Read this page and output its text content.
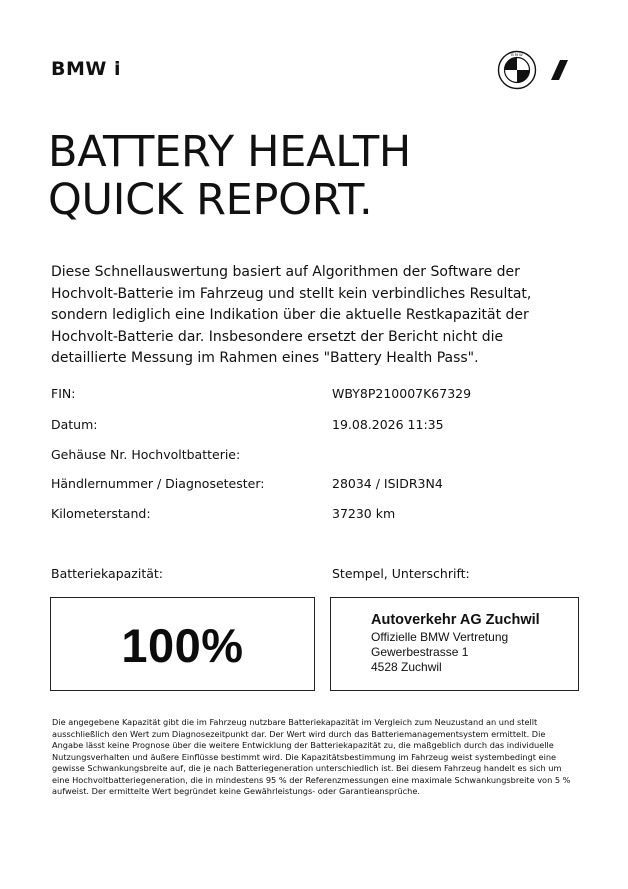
BMW i
B M W
BATTERY HEALTH
QUICK REPORT.

Diese Schnellauswertung basiert auf Algorithmen der Software der Hochvolt-Batterie im Fahrzeug und stellt kein verbindliches Resultat, sondern lediglich eine Indikation über die aktuelle Restkapazität der Hochvolt-Batterie dar. Insbesondere ersetzt der Bericht nicht die detaillierte Messung im Rahmen eines "Battery Health Pass".

FIN:	WBY8P210007K67329
Datum:	19.08.2026 11:35
Gehäuse Nr. Hochvoltbatterie:
Händlernummer / Diagnosetester:	28034 / ISIDR3N4
Kilometerstand:	37230 km
Batteriekapazität:	Stempel, Unterschrift:
100%	Autoverkehr AG Zuchwil
Offizielle BMW Vertretung
Gewerbestrasse 1
4528 Zuchwil

Die angegebene Kapazität gibt die im Fahrzeug nutzbare Batteriekapazität im Vergleich zum Neuzustand an und stellt ausschließlich den Wert zum Diagnosezeitpunkt dar. Der Wert wird durch das Batteriemanagementsystem ermittelt. Die Angabe lässt keine Prognose über die weitere Entwicklung der Batteriekapazität zu, die maßgeblich durch das individuelle Nutzungsverhalten und äußere Einflüsse bestimmt wird. Die Kapazitätsbestimmung im Fahrzeug weist systembedingt eine gewisse Schwankungsbreite auf, die je nach Batteriegeneration unterschiedlich ist. Bei diesem Fahrzeug handelt es sich um eine Hochvoltbatteriegeneration, die in mindestens 95 % der Referenzmessungen eine maximale Schwankungsbreite von 5 % aufweist. Der ermittelte Wert begründet keine Gewährleistungs- oder Garantieansprüche.
